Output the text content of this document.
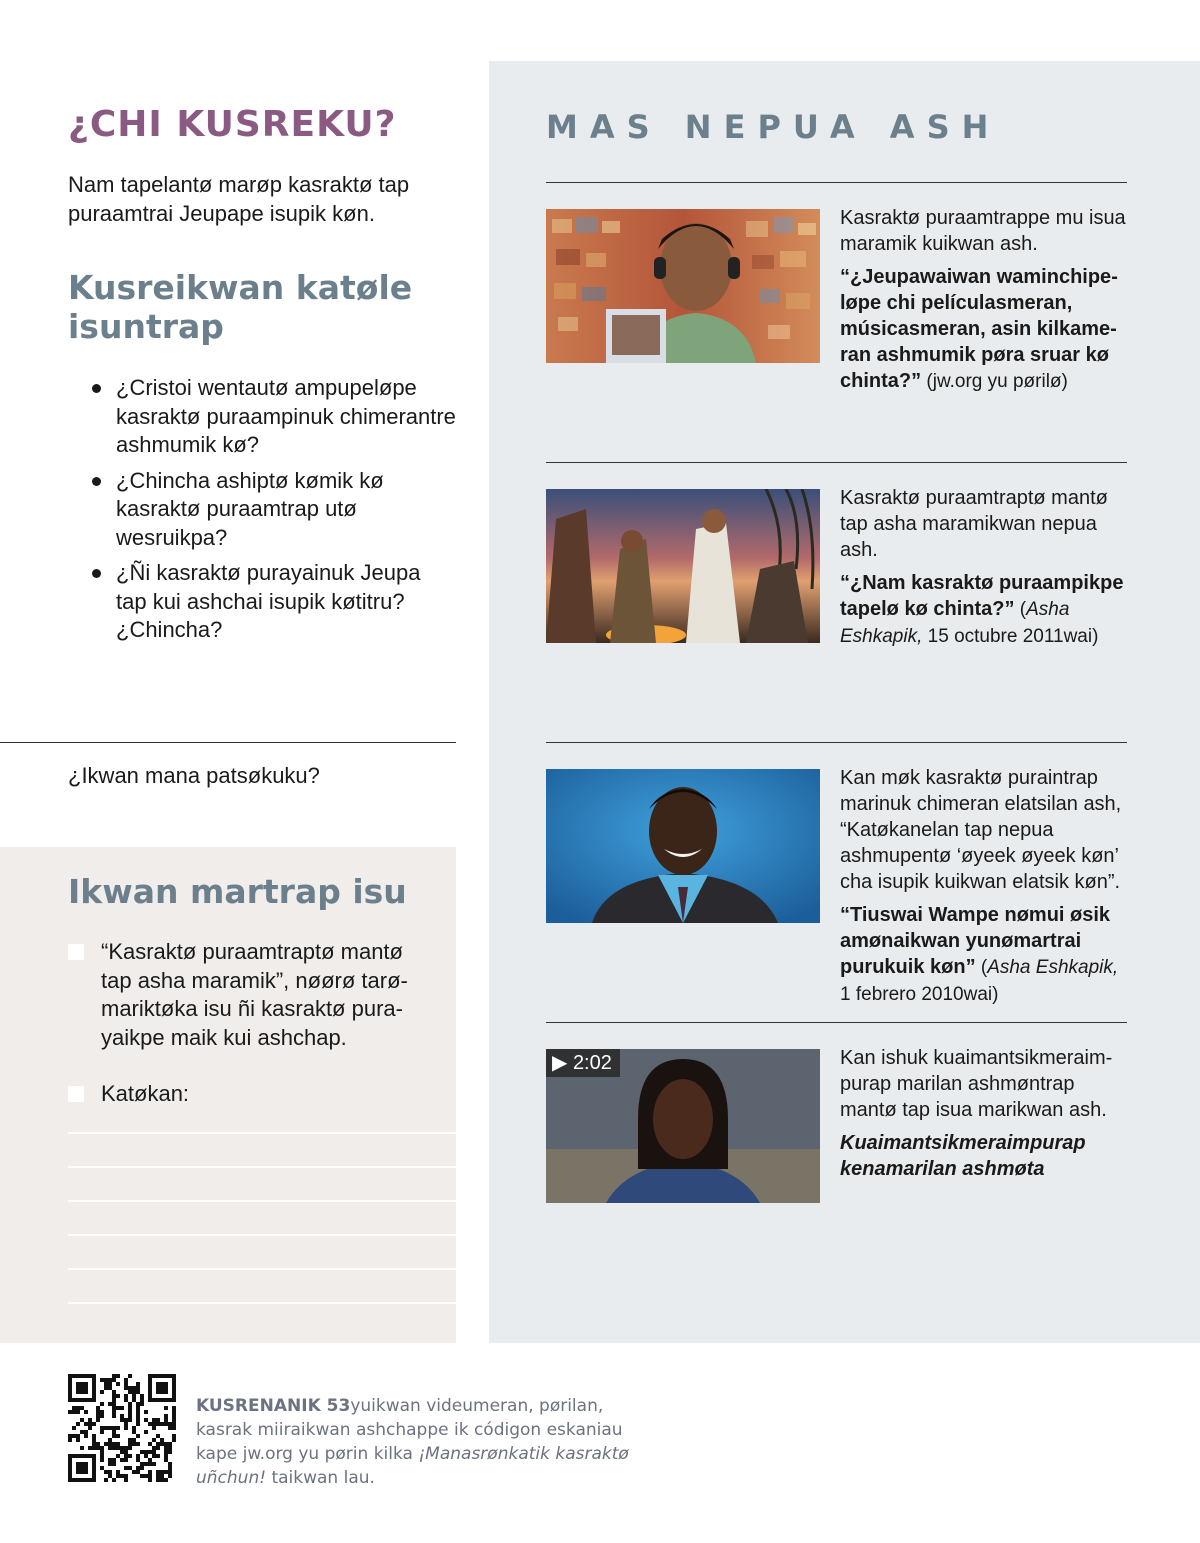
¿CHI KUSREKU?
Nam tapelantø marøp kasraktø tap puraamtrai Jeupape isupik køn.
Kusreikwan katøle isuntrap
¿Cristoi wentautø ampupeløpe kasraktø puraampinuk chimerantre ashmumik kø?
¿Chincha ashiptø kømik kø kasraktø puraamtrap utø wesruikpa?
¿Ñi kasraktø purayainuk Jeupa tap kui ashchai isupik køtitru? ¿Chincha?
¿Ikwan mana patsøkuku?
Ikwan martrap isu
“Kasraktø puraamtraptø mantø tap asha maramik”, nøørø tarømariktøka isu ñi kasraktø purayaikpe maik kui ashchap.
Katøkan:
MAS NEPUA ASH

Kasraktø puraamtrappe mu isua maramik kuikwan ash.

“¿Jeupawaiwan waminchipeløpe chi películasmeran, músicasmeran, asin kilkameran ashmumik pøra sruar kø chinta?” (jw.org yu pørilø)

Kasraktø puraamtraptø mantø tap asha maramikwan nepua ash.

“¿Nam kasraktø puraampikpe tapelø kø chinta?” (Asha Eshkapik, 15 octubre 2011wai)

Kan møk kasraktø puraintrap marinuk chimeran elatsilan ash, “Katøkanelan tap nepua ashmupentø ‘øyeek øyeek køn’ cha isupik kuikwan elatsik køn”.

“Tiuswai Wampe nømui øsik amønaikwan yunømartrai purukuik køn” (Asha Eshkapik, 1 febrero 2010wai)

▶ 2:02	Kan ishuk kuaimantsikmeraimpurap marilan ashmøntrap mantø tap isua marikwan ash.

Kuaimantsikmeraimpurap kenamarilan ashmøta

KUSRENANIK 53yuikwan videumeran, pørilan, kasrak miiraikwan ashchappe ik códigon eskaniau kape jw.org yu pørin kilka ¡Manasrønkatik kasraktø uñchun! taikwan lau.
